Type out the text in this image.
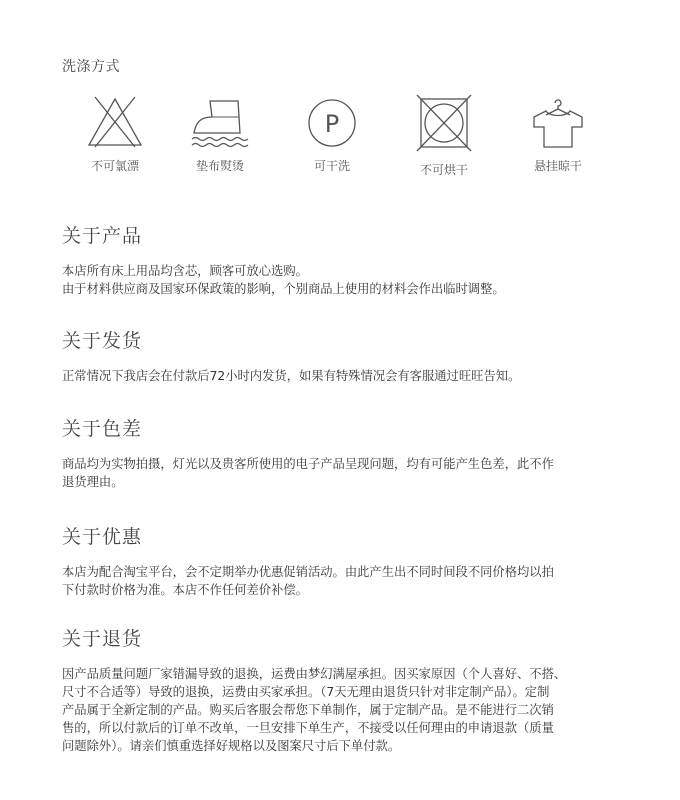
洗涤方式
不可氯漂	垫布熨烫
P
可干洗	不可烘干	悬挂晾干
关于产品
本店所有床上用品均含芯，顾客可放心选购。
由于材料供应商及国家环保政策的影响，个别商品上使用的材料会作出临时调整。
关于发货
正常情况下我店会在付款后72小时内发货，如果有特殊情况会有客服通过旺旺告知。
关于色差
商品均为实物拍摄，灯光以及贵客所使用的电子产品呈现问题，均有可能产生色差，此不作
退货理由。
关于优惠
本店为配合淘宝平台，会不定期举办优惠促销活动。由此产生出不同时间段不同价格均以拍
下付款时价格为准。本店不作任何差价补偿。
关于退货
因产品质量问题厂家错漏导致的退换，运费由梦幻满屋承担。因买家原因（个人喜好、不搭、
尺寸不合适等）导致的退换，运费由买家承担。（7天无理由退货只针对非定制产品）。定制
产品属于全新定制的产品。购买后客服会帮您下单制作，属于定制产品。是不能进行二次销
售的，所以付款后的订单不改单，一旦安排下单生产，不接受以任何理由的申请退款（质量
问题除外）。请亲们慎重选择好规格以及图案尺寸后下单付款。
